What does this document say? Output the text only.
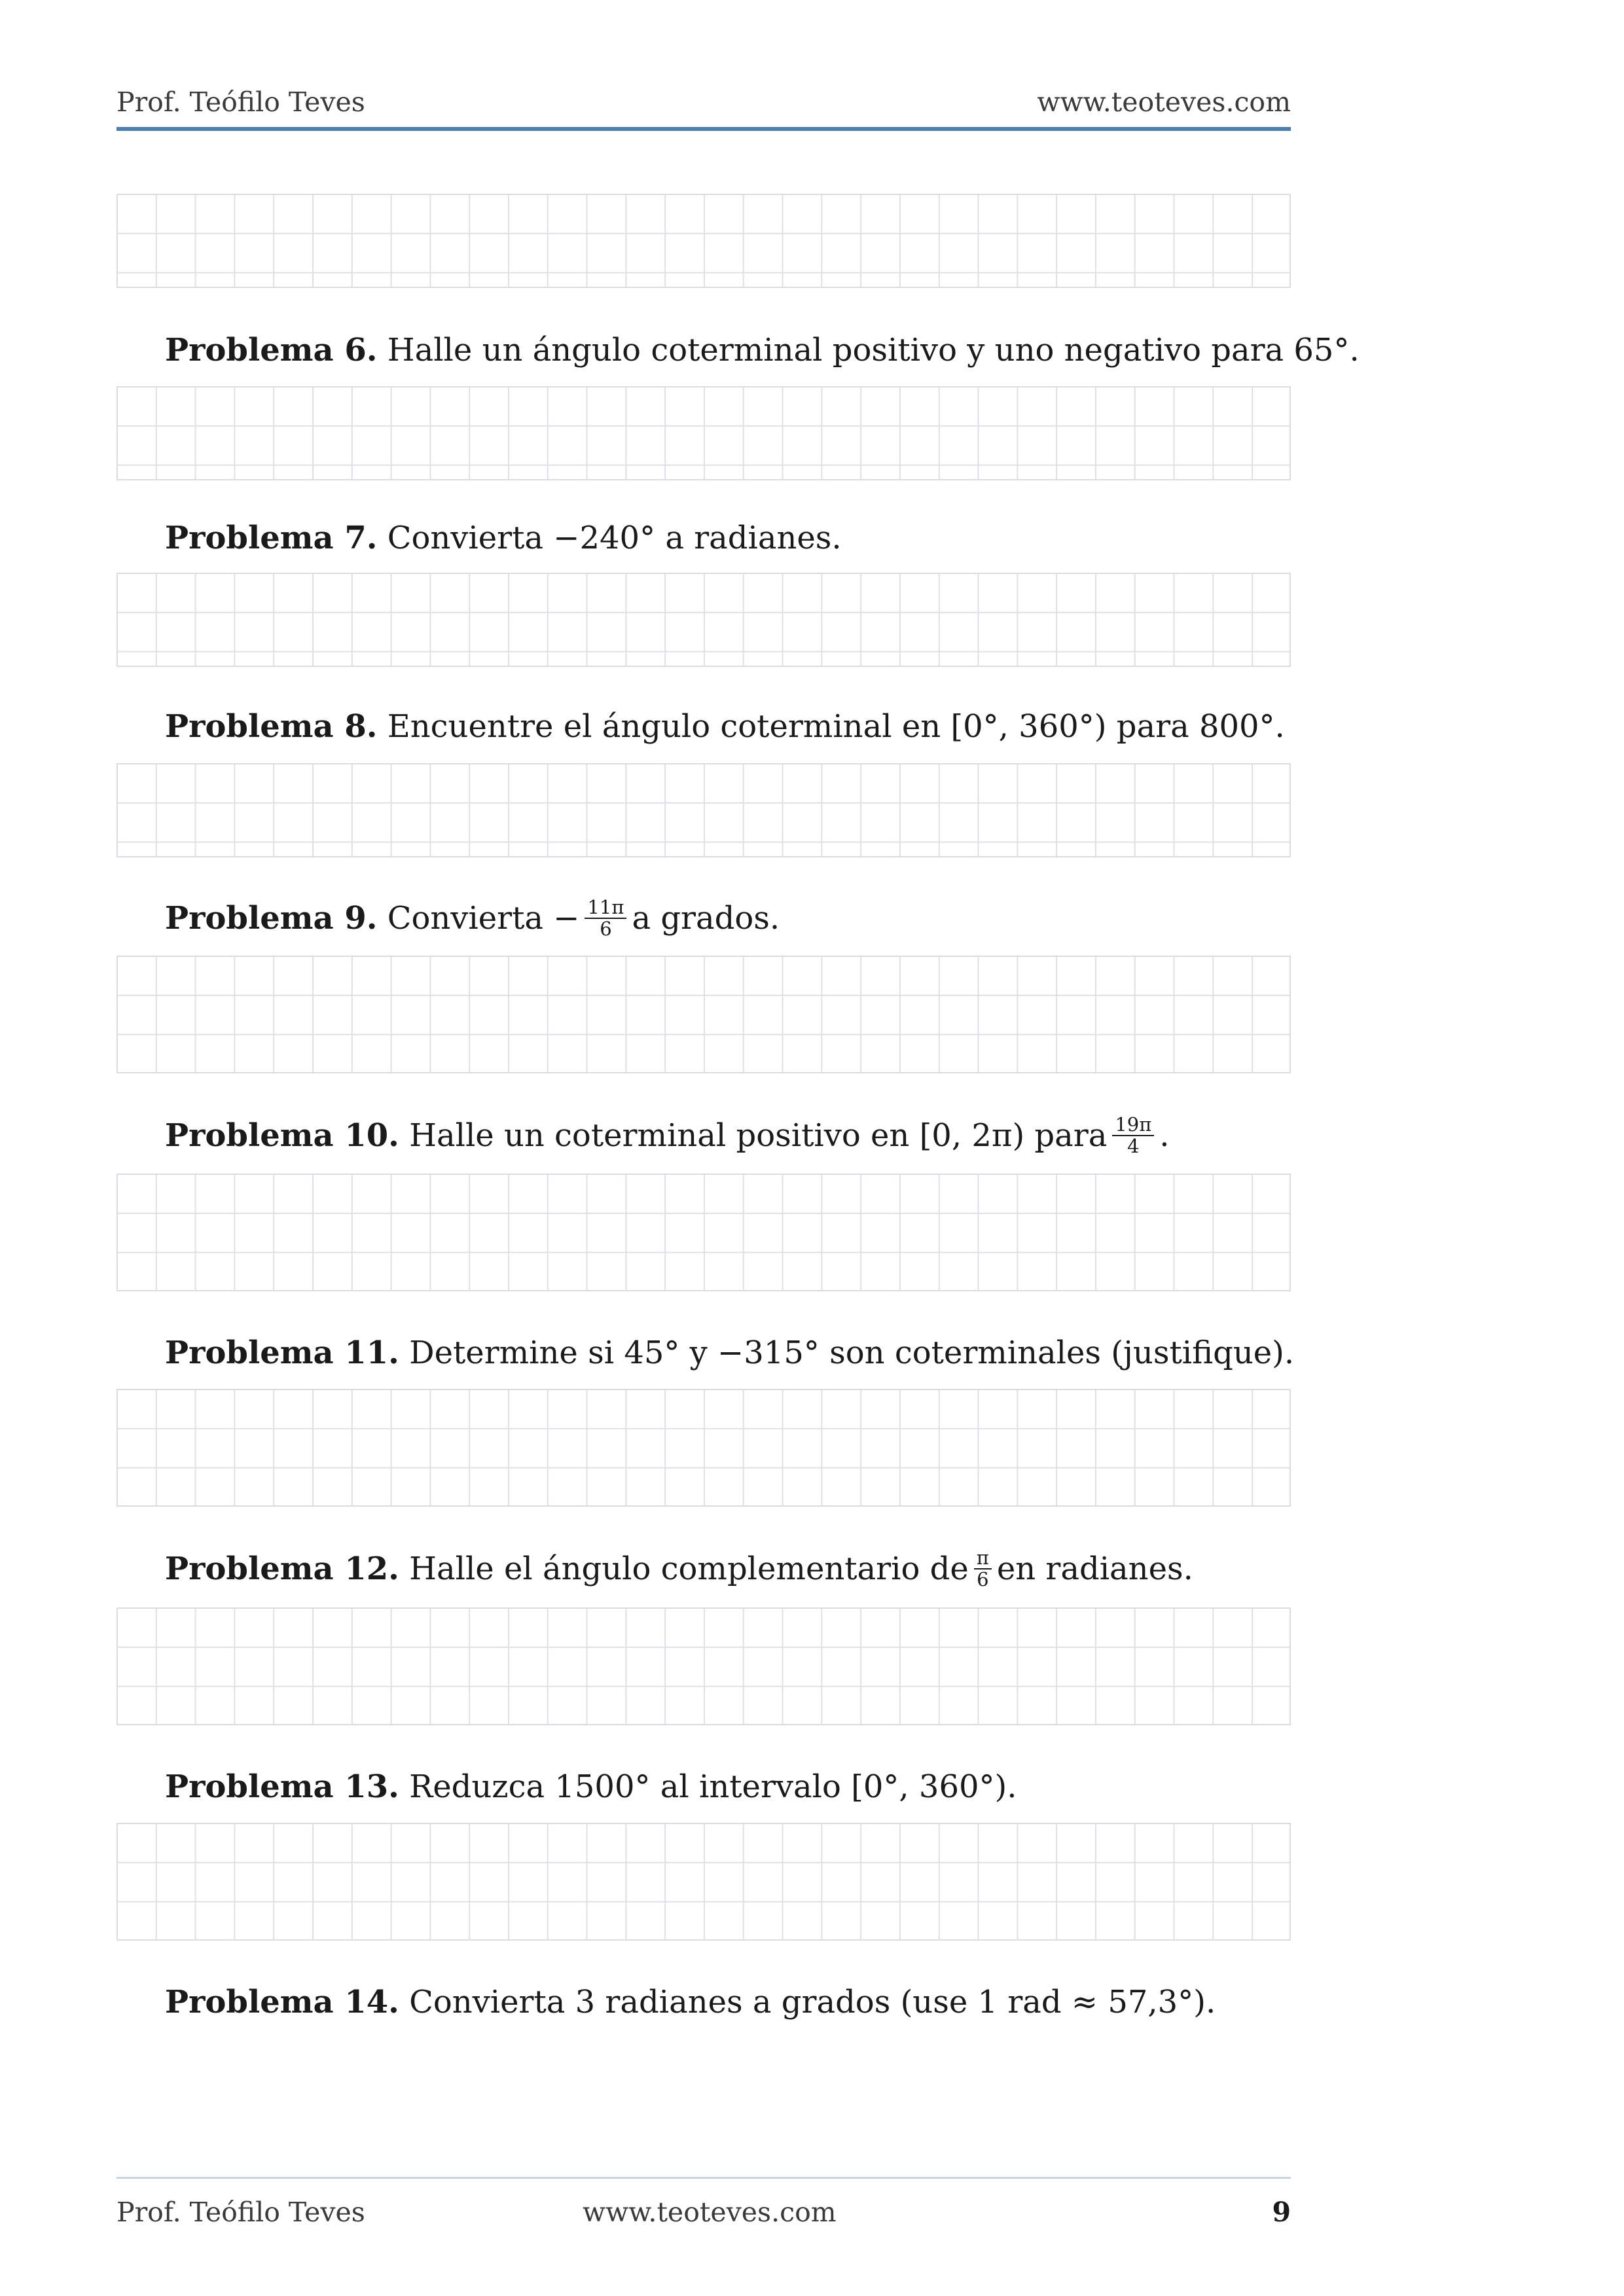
Prof. Teófilo Teves	www.teoteves.com
Problema 6. Halle un ángulo coterminal positivo y uno negativo para 65°.
Problema 7. Convierta −240° a radianes.
Problema 8. Encuentre el ángulo coterminal en [0°, 360°) para 800°.
Problema 9. Convierta − $\frac{11\pi}{6}$ a grados.
Problema 10. Halle un coterminal positivo en [0, 2π) para $\frac{19\pi}{4}$ .
Problema 11. Determine si 45° y −315° son coterminales (justifique).
Problema 12. Halle el ángulo complementario de $\frac{\pi}{6}$ en radianes.
Problema 13. Reduzca 1500° al intervalo [0°, 360°).
Problema 14. Convierta 3 radianes a grados (use 1 rad ≈ 57,3°).
Prof. Teófilo Teves	www.teoteves.com	9
